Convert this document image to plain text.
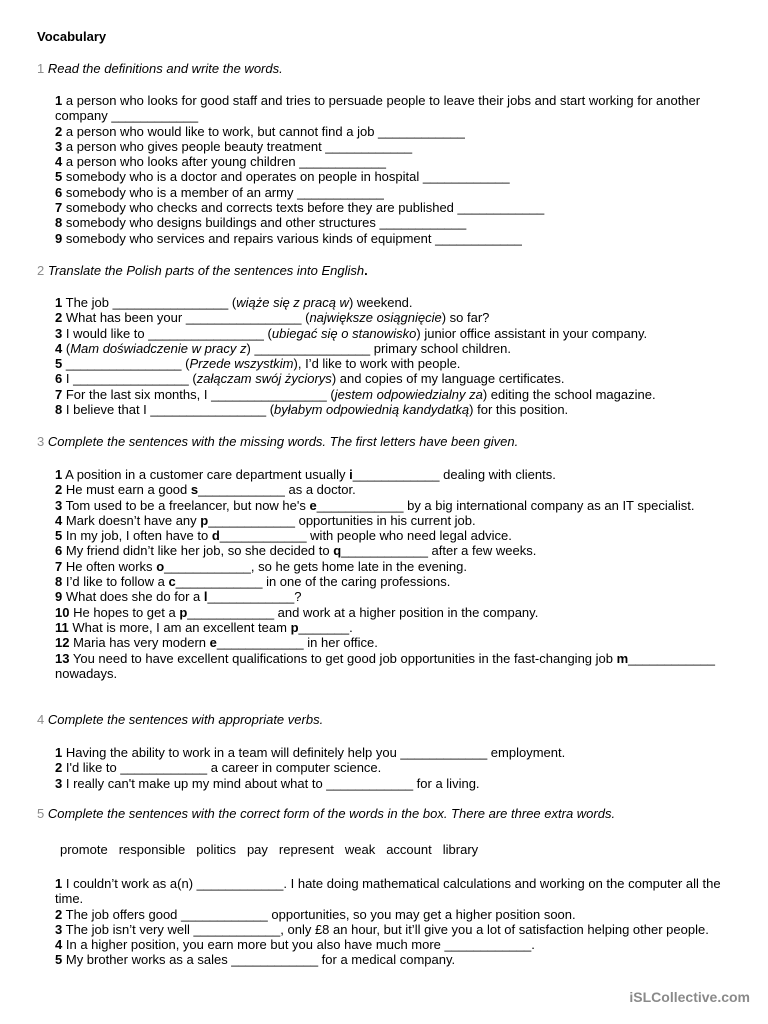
Vocabulary
1 Read the definitions and write the words.
1 a person who looks for good staff and tries to persuade people to leave their jobs and start working for another company ____________
2 a person who would like to work, but cannot find a job ____________
3 a person who gives people beauty treatment ____________
4 a person who looks after young children ____________
5 somebody who is a doctor and operates on people in hospital ____________
6 somebody who is a member of an army ____________
7 somebody who checks and corrects texts before they are published ____________
8 somebody who designs buildings and other structures ____________
9 somebody who services and repairs various kinds of equipment ____________
2 Translate the Polish parts of the sentences into English.
1 The job ________________ (wiąże się z pracą w) weekend.
2 What has been your ________________ (największe osiągnięcie) so far?
3 I would like to ________________ (ubiegać się o stanowisko) junior office assistant in your company.
4 (Mam doświadczenie w pracy z) ________________ primary school children.
5 ________________ (Przede wszystkim), I’d like to work with people.
6 I ________________ (załączam swój życiorys) and copies of my language certificates.
7 For the last six months, I ________________ (jestem odpowiedzialny za) editing the school magazine.
8 I believe that I ________________ (byłabym odpowiednią kandydatką) for this position.
3 Complete the sentences with the missing words. The first letters have been given.
1 A position in a customer care department usually i____________ dealing with clients.
2 He must earn a good s____________ as a doctor.
3 Tom used to be a freelancer, but now he's e____________ by a big international company as an IT specialist.
4 Mark doesn’t have any p____________ opportunities in his current job.
5 In my job, I often have to d____________ with people who need legal advice.
6 My friend didn’t like her job, so she decided to q____________ after a few weeks.
7 He often works o____________, so he gets home late in the evening.
8 I’d like to follow a c____________ in one of the caring professions.
9 What does she do for a l____________?
10 He hopes to get a p____________ and work at a higher position in the company.
11 What is more, I am an excellent team p_______.
12 Maria has very modern e____________ in her office.
13 You need to have excellent qualifications to get good job opportunities in the fast-changing job m____________ nowadays.
4 Complete the sentences with appropriate verbs.
1 Having the ability to work in a team will definitely help you ____________ employment.
2 I'd like to ____________ a career in computer science.
3 I really can't make up my mind about what to ____________ for a living.
5 Complete the sentences with the correct form of the words in the box. There are three extra words.
promote responsible politics pay represent weak account library
1 I couldn’t work as a(n) ____________. I hate doing mathematical calculations and working on the computer all the time.
2 The job offers good ____________ opportunities, so you may get a higher position soon.
3 The job isn’t very well ____________, only £8 an hour, but it’ll give you a lot of satisfaction helping other people.
4 In a higher position, you earn more but you also have much more ____________.
5 My brother works as a sales ____________ for a medical company.
iSLCollective.com
